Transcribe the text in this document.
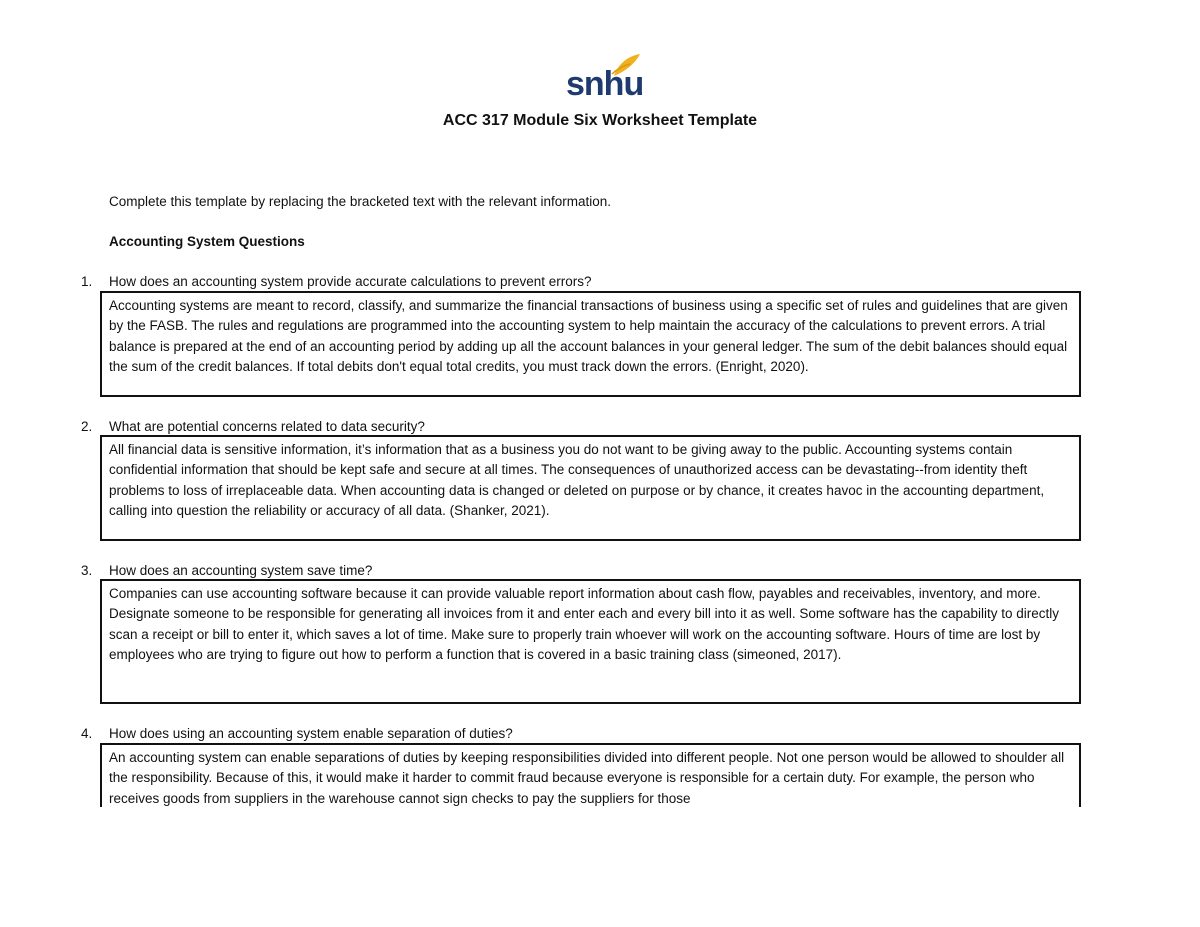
snhu
ACC 317 Module Six Worksheet Template
Complete this template by replacing the bracketed text with the relevant information.
Accounting System Questions
1. How does an accounting system provide accurate calculations to prevent errors?
Accounting systems are meant to record, classify, and summarize the financial transactions of business using a specific set of rules and guidelines that are given by the FASB. The rules and regulations are programmed into the accounting system to help maintain the accuracy of the calculations to prevent errors. A trial balance is prepared at the end of an accounting period by adding up all the account balances in your general ledger. The sum of the debit balances should equal the sum of the credit balances. If total debits don't equal total credits, you must track down the errors. (Enright, 2020).
2. What are potential concerns related to data security?
All financial data is sensitive information, it’s information that as a business you do not want to be giving away to the public. Accounting systems contain confidential information that should be kept safe and secure at all times. The consequences of unauthorized access can be devastating--from identity theft problems to loss of irreplaceable data. When accounting data is changed or deleted on purpose or by chance, it creates havoc in the accounting department, calling into question the reliability or accuracy of all data. (Shanker, 2021).
3. How does an accounting system save time?
Companies can use accounting software because it can provide valuable report information about cash flow, payables and receivables, inventory, and more. Designate someone to be responsible for generating all invoices from it and enter each and every bill into it as well. Some software has the capability to directly scan a receipt or bill to enter it, which saves a lot of time. Make sure to properly train whoever will work on the accounting software. Hours of time are lost by employees who are trying to figure out how to perform a function that is covered in a basic training class (simeoned, 2017).
4. How does using an accounting system enable separation of duties?
An accounting system can enable separations of duties by keeping responsibilities divided into different people. Not one person would be allowed to shoulder all the responsibility. Because of this, it would make it harder to commit fraud because everyone is responsible for a certain duty. For example, the person who receives goods from suppliers in the warehouse cannot sign checks to pay the suppliers for those
